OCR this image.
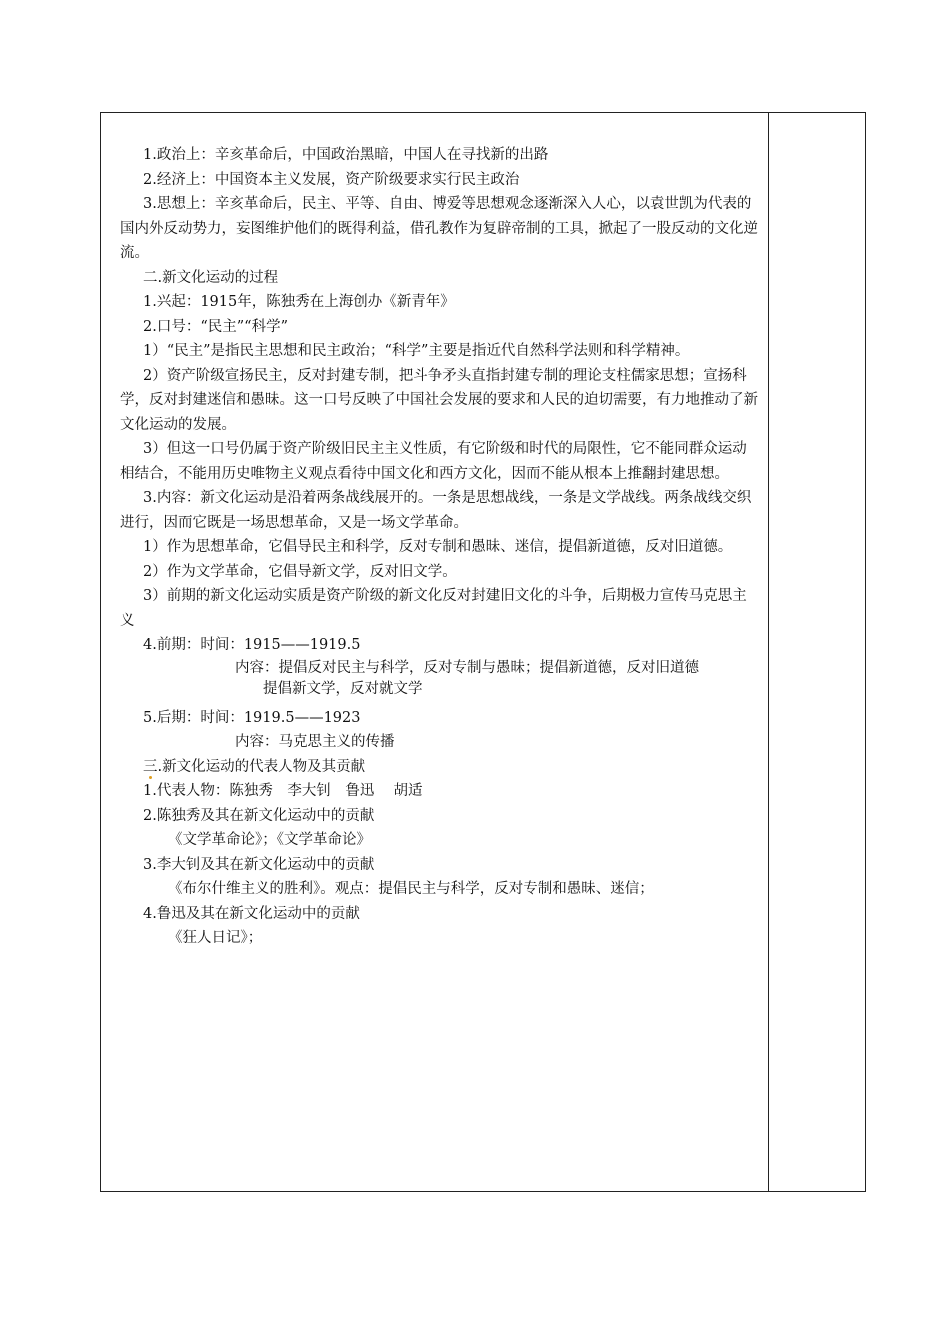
1.政治上：辛亥革命后，中国政治黑暗，中国人在寻找新的出路

2.经济上：中国资本主义发展，资产阶级要求实行民主政治

3.思想上：辛亥革命后，民主、平等、自由、博爱等思想观念逐渐深入人心，以袁世凯为代表的国内外反动势力，妄图维护他们的既得利益，借孔教作为复辟帝制的工具，掀起了一股反动的文化逆流。

二.新文化运动的过程

1.兴起：1915年，陈独秀在上海创办《新青年》

2.口号：“民主”“科学”

1）“民主”是指民主思想和民主政治；“科学”主要是指近代自然科学法则和科学精神。

2）资产阶级宣扬民主，反对封建专制，把斗争矛头直指封建专制的理论支柱儒家思想；宣扬科学，反对封建迷信和愚昧。这一口号反映了中国社会发展的要求和人民的迫切需要，有力地推动了新文化运动的发展。

3）但这一口号仍属于资产阶级旧民主主义性质，有它阶级和时代的局限性，它不能同群众运动相结合，不能用历史唯物主义观点看待中国文化和西方文化，因而不能从根本上推翻封建思想。

3.内容：新文化运动是沿着两条战线展开的。一条是思想战线，一条是文学战线。两条战线交织进行，因而它既是一场思想革命，又是一场文学革命。

1）作为思想革命，它倡导民主和科学，反对专制和愚昧、迷信，提倡新道德，反对旧道德。

2）作为文学革命，它倡导新文学，反对旧文学。

3）前期的新文化运动实质是资产阶级的新文化反对封建旧文化的斗争，后期极力宣传马克思主义

4.前期：时间：1915——1919.5

内容：提倡反对民主与科学，反对专制与愚昧；提倡新道德，反对旧道德

提倡新文学，反对就文学

5.后期：时间：1919.5——1923

内容：马克思主义的传播

三.新文化运动的代表人物及其贡献

1.代表人物：陈独秀　李大钊　鲁迅　 胡适

2.陈独秀及其在新文化运动中的贡献

《文学革命论》；《文学革命论》

3.李大钊及其在新文化运动中的贡献

《布尔什维主义的胜利》。观点：提倡民主与科学，反对专制和愚昧、迷信；

4.鲁迅及其在新文化运动中的贡献

《狂人日记》；
